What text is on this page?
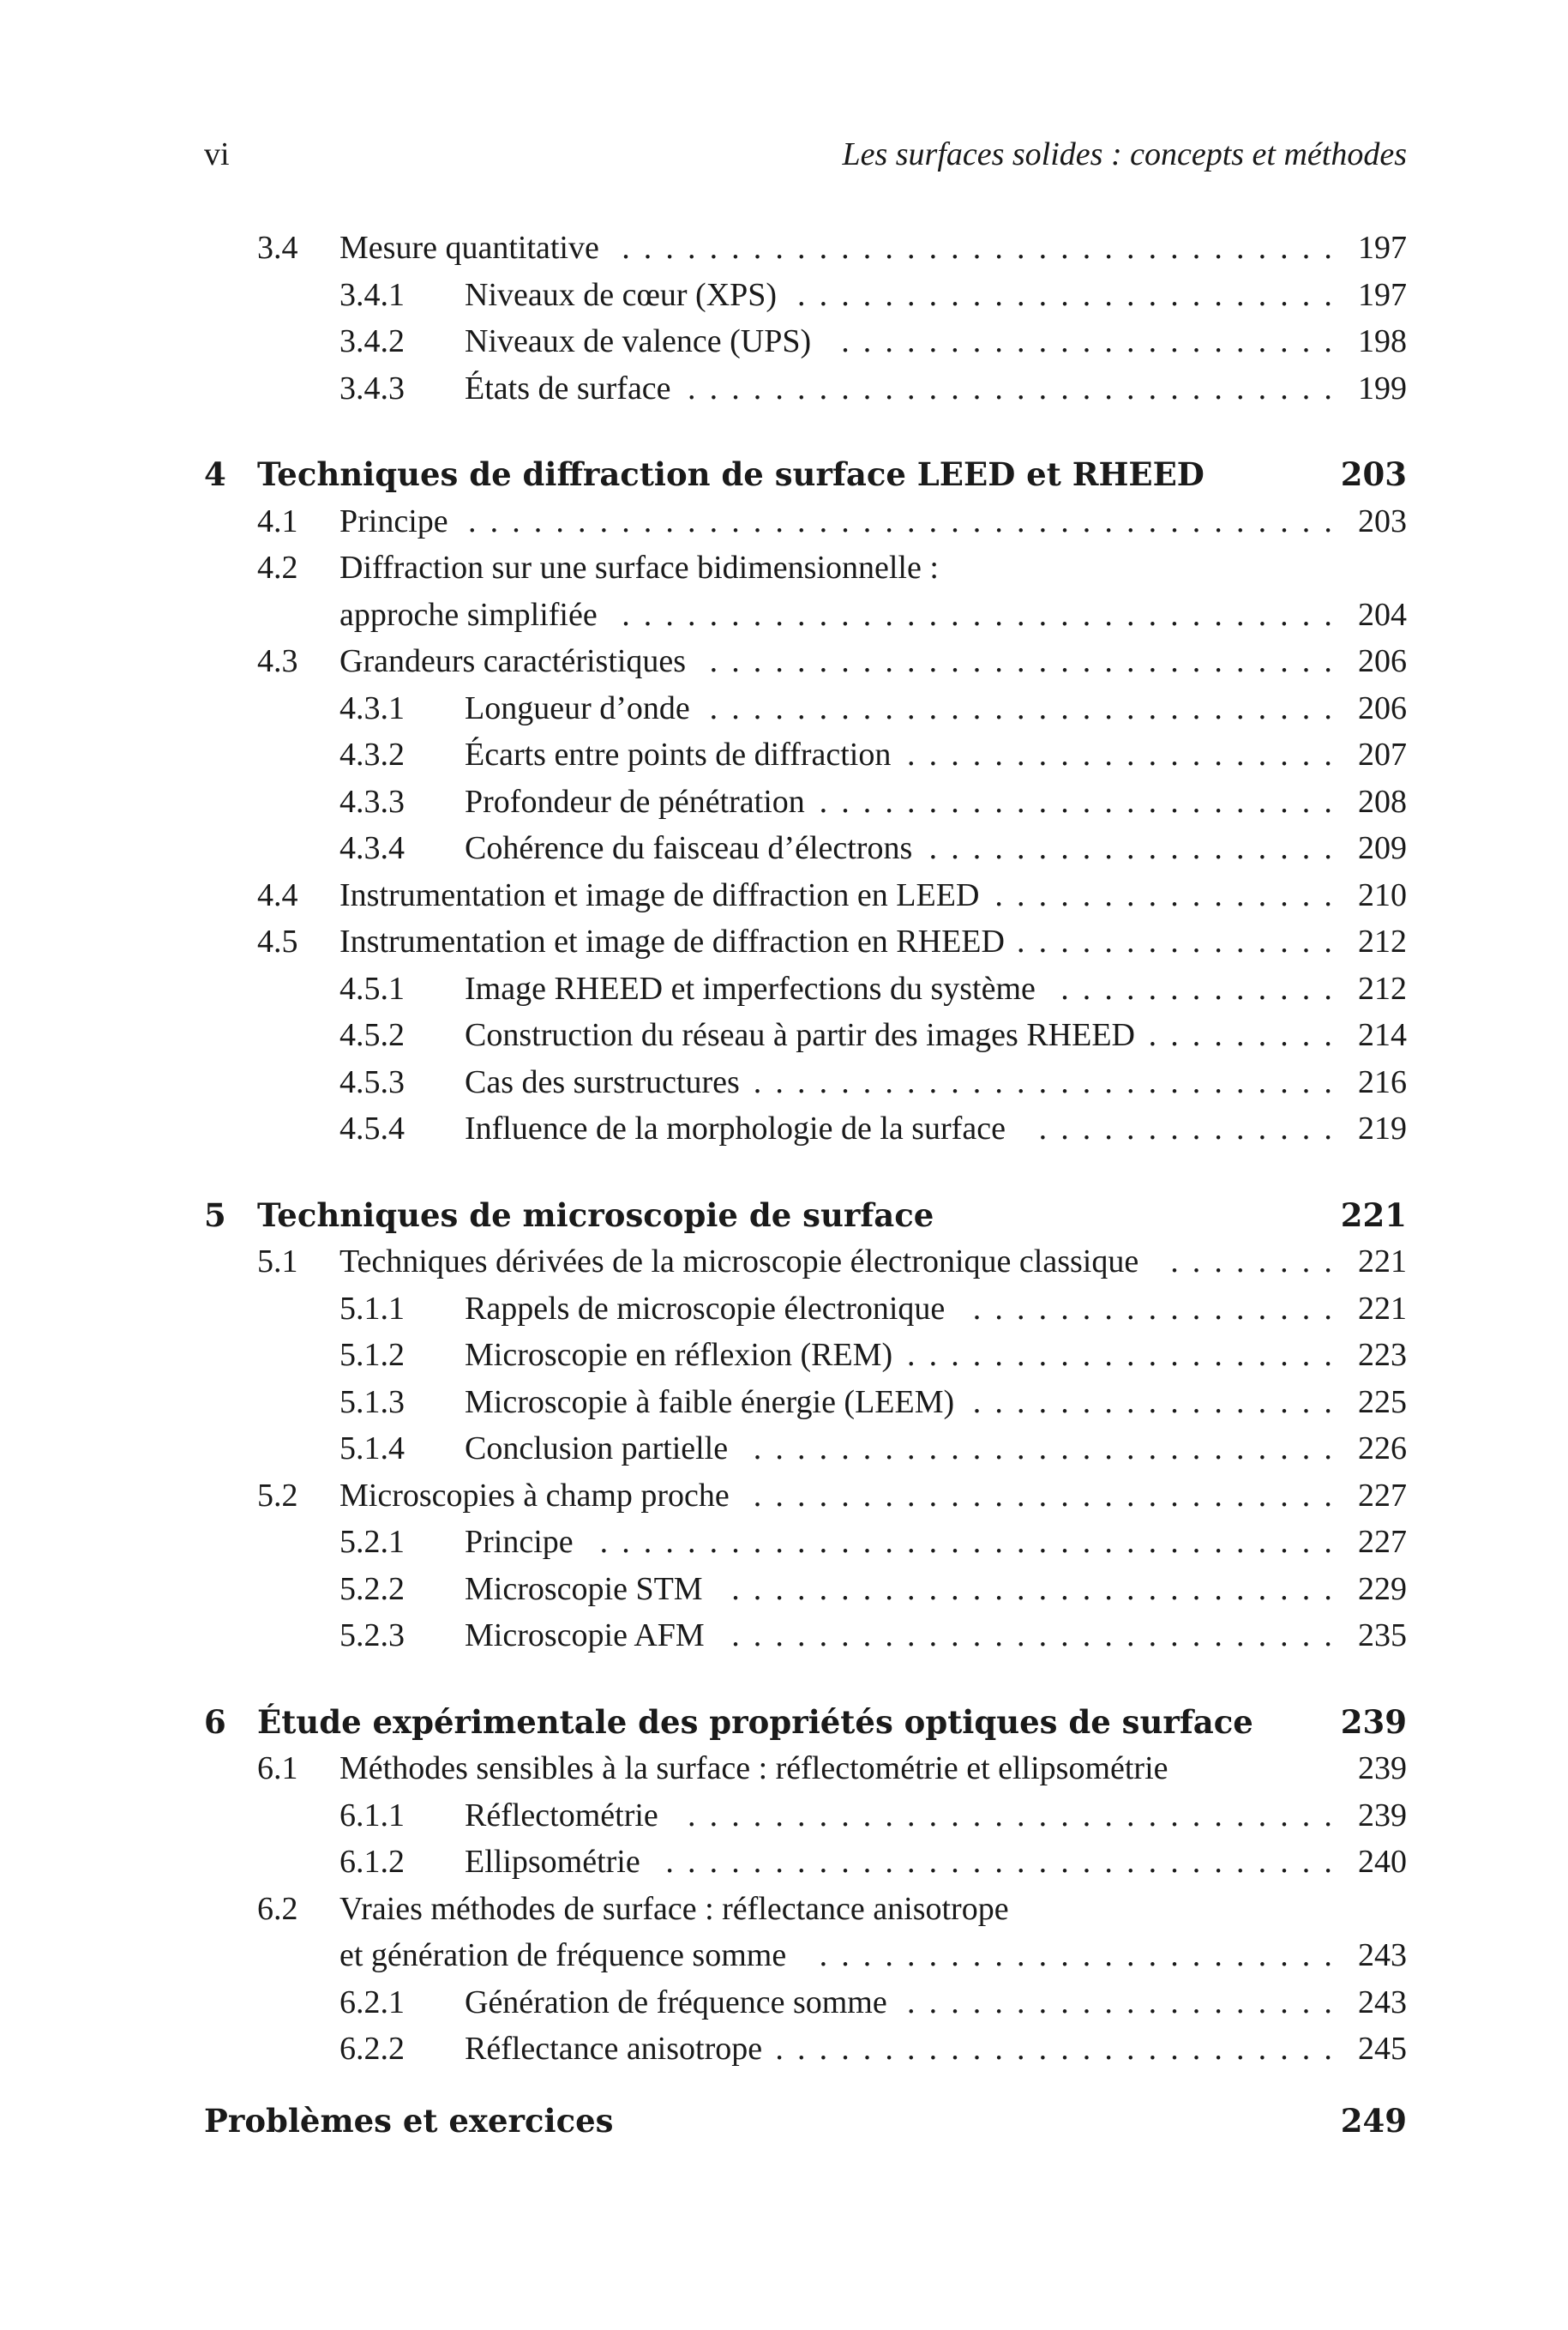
vi	Les surfaces solides : concepts et méthodes
3.4 Mesure quantitative	197
.................................
3.4.1 Niveaux de cœur (XPS)	197
.........................
3.4.2 Niveaux de valence (UPS)	198
.......................
3.4.3 États de surface	199
..............................
4 Techniques de diffraction de surface LEED et RHEED	203
4.1 Principe	203
........................................
4.2 Diffraction sur une surface bidimensionnelle :
approche simplifiée	204
.................................
4.3 Grandeurs caractéristiques	206
.............................
4.3.1 Longueur d’onde	206
.............................
4.3.2 Écarts entre points de diffraction	207
....................
4.3.3 Profondeur de pénétration	208
........................
4.3.4 Cohérence du faisceau d’électrons	209
...................
4.4 Instrumentation et image de diffraction en LEED	210
................
4.5 Instrumentation et image de diffraction en RHEED	212
...............
4.5.1 Image RHEED et imperfections du système	212
.............
4.5.2 Construction du réseau à partir des images RHEED	214
.........
4.5.3 Cas des surstructures	216
...........................
4.5.4 Influence de la morphologie de la surface	219
..............
5 Techniques de microscopie de surface	221
5.1 Techniques dérivées de la microscopie électronique classique	221
........
5.1.1 Rappels de microscopie électronique	221
.................
5.1.2 Microscopie en réflexion (REM)	223
....................
5.1.3 Microscopie à faible énergie (LEEM)	225
.................
5.1.4 Conclusion partielle	226
...........................
5.2 Microscopies à champ proche	227
...........................
5.2.1 Principe	227
..................................
5.2.2 Microscopie STM	229
............................
5.2.3 Microscopie AFM	235
............................
6 Étude expérimentale des propriétés optiques de surface	239
6.1 Méthodes sensibles à la surface : réflectométrie et ellipsométrie	239
6.1.1 Réflectométrie	239
..............................
6.1.2 Ellipsométrie	240
...............................
6.2 Vraies méthodes de surface : réflectance anisotrope
et génération de fréquence somme	243
........................
6.2.1 Génération de fréquence somme	243
....................
6.2.2 Réflectance anisotrope	245
..........................
Problèmes et exercices	249
